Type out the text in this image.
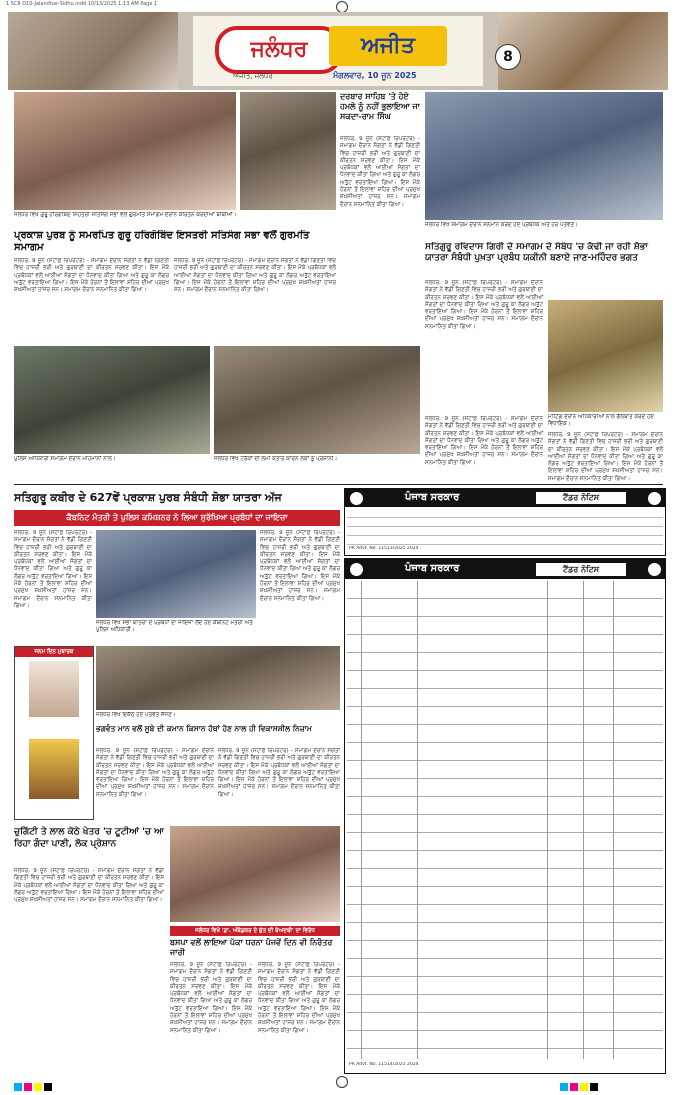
1 SC8 D10-Jalandhar-Sidhu.indd 10/13/2025 1:13 AM Page 1
ਜਲੰਧਰ	ਅਜੀਤ
ਅਜੀਤ, ਜਲੰਧਰ	ਮੰਗਲਵਾਰ, 10 ਜੂਨ 2025
8
ਜਲੰਧਰ ਵਿਖੇ ਗੁਰੂ ਹਰਿਗੋਬਿੰਦ ਸਿਹਤਰੀ ਸਤਿਸੰਗ ਸਭਾ ਵਲੋਂ ਗੁਰਮਤਿ ਸਮਾਗਮ ਦੌਰਾਨ ਕੀਰਤਨ ਕਰਦੀਆਂ ਬੀਬੀਆਂ।
ਪ੍ਰਕਾਸ਼ ਪੁਰਬ ਨੂੰ ਸਮਰਪਿਤ ਗੁਰੂ ਹਰਿਗੋਬਿੰਦ ਇਸਤਰੀ ਸਤਿਸੰਗ ਸਭਾ ਵਲੋਂ ਗੁਰਮਤਿ ਸਮਾਗਮ
ਜਲੰਧਰ, 9 ਜੂਨ (ਸਟਾਫ਼ ਰਿਪੋਰਟਰ) - ਸਮਾਗਮ ਦੌਰਾਨ ਸੰਗਤਾਂ ਨੇ ਵੱਡੀ ਗਿਣਤੀ ਵਿਚ ਹਾਜ਼ਰੀ ਭਰੀ ਅਤੇ ਗੁਰਬਾਣੀ ਦਾ ਕੀਰਤਨ ਸਰਵਣ ਕੀਤਾ। ਇਸ ਮੌਕੇ ਪ੍ਰਬੰਧਕਾਂ ਵਲੋਂ ਆਈਆਂ ਸੰਗਤਾਂ ਦਾ ਧੰਨਵਾਦ ਕੀਤਾ ਗਿਆ ਅਤੇ ਗੁਰੂ ਕਾ ਲੰਗਰ ਅਤੁੱਟ ਵਰਤਾਇਆ ਗਿਆ। ਇਸ ਮੌਕੇ ਹੋਰਨਾਂ ਤੋਂ ਇਲਾਵਾ ਸ਼ਹਿਰ ਦੀਆਂ ਪ੍ਰਮੁੱਖ ਸ਼ਖ਼ਸੀਅਤਾਂ ਹਾਜ਼ਰ ਸਨ। ਸਮਾਗਮ ਦੌਰਾਨ ਸਨਮਾਨਿਤ ਕੀਤਾ ਗਿਆ।
ਜਲੰਧਰ, 9 ਜੂਨ (ਸਟਾਫ਼ ਰਿਪੋਰਟਰ) - ਸਮਾਗਮ ਦੌਰਾਨ ਸੰਗਤਾਂ ਨੇ ਵੱਡੀ ਗਿਣਤੀ ਵਿਚ ਹਾਜ਼ਰੀ ਭਰੀ ਅਤੇ ਗੁਰਬਾਣੀ ਦਾ ਕੀਰਤਨ ਸਰਵਣ ਕੀਤਾ। ਇਸ ਮੌਕੇ ਪ੍ਰਬੰਧਕਾਂ ਵਲੋਂ ਆਈਆਂ ਸੰਗਤਾਂ ਦਾ ਧੰਨਵਾਦ ਕੀਤਾ ਗਿਆ ਅਤੇ ਗੁਰੂ ਕਾ ਲੰਗਰ ਅਤੁੱਟ ਵਰਤਾਇਆ ਗਿਆ। ਇਸ ਮੌਕੇ ਹੋਰਨਾਂ ਤੋਂ ਇਲਾਵਾ ਸ਼ਹਿਰ ਦੀਆਂ ਪ੍ਰਮੁੱਖ ਸ਼ਖ਼ਸੀਅਤਾਂ ਹਾਜ਼ਰ ਸਨ। ਸਮਾਗਮ ਦੌਰਾਨ ਸਨਮਾਨਿਤ ਕੀਤਾ ਗਿਆ।
ਦਰਬਾਰ ਸਾਹਿਬ 'ਤੇ ਹੋਏ ਹਮਲੇ ਨੂੰ ਨਹੀਂ ਭੁਲਾਇਆ ਜਾ ਸਕਦਾ-ਰਾਮ ਸਿੰਘ
ਜਲੰਧਰ, 9 ਜੂਨ (ਸਟਾਫ਼ ਰਿਪੋਰਟਰ) - ਸਮਾਗਮ ਦੌਰਾਨ ਸੰਗਤਾਂ ਨੇ ਵੱਡੀ ਗਿਣਤੀ ਵਿਚ ਹਾਜ਼ਰੀ ਭਰੀ ਅਤੇ ਗੁਰਬਾਣੀ ਦਾ ਕੀਰਤਨ ਸਰਵਣ ਕੀਤਾ। ਇਸ ਮੌਕੇ ਪ੍ਰਬੰਧਕਾਂ ਵਲੋਂ ਆਈਆਂ ਸੰਗਤਾਂ ਦਾ ਧੰਨਵਾਦ ਕੀਤਾ ਗਿਆ ਅਤੇ ਗੁਰੂ ਕਾ ਲੰਗਰ ਅਤੁੱਟ ਵਰਤਾਇਆ ਗਿਆ। ਇਸ ਮੌਕੇ ਹੋਰਨਾਂ ਤੋਂ ਇਲਾਵਾ ਸ਼ਹਿਰ ਦੀਆਂ ਪ੍ਰਮੁੱਖ ਸ਼ਖ਼ਸੀਅਤਾਂ ਹਾਜ਼ਰ ਸਨ। ਸਮਾਗਮ ਦੌਰਾਨ ਸਨਮਾਨਿਤ ਕੀਤਾ ਗਿਆ।
ਜਲੰਧਰ ਵਿਖੇ ਸਮਾਗਮ ਦੌਰਾਨ ਸਨਮਾਨ ਕਰਦੇ ਹੋਏ ਪ੍ਰਬੰਧਕ ਅਤੇ ਹੋਰ ਪਤਵੰਤੇ।
ਸਤਿਗੁਰੂ ਰਵਿਦਾਸ ਗਿਰੀ ਦੇ ਸਮਾਗਮ ਦੇ ਸੰਬੰਧ 'ਚ ਕੱਢੀ ਜਾ ਰਹੀ ਸ਼ੋਭਾ ਯਾਤਰਾ ਸੰਬੰਧੀ ਪੁਖ਼ਤਾ ਪ੍ਰਬੰਧ ਯਕੀਨੀ ਬਣਾਏ ਜਾਣ-ਮਹਿੰਦਰ ਭਗਤ
ਜਲੰਧਰ, 9 ਜੂਨ (ਸਟਾਫ਼ ਰਿਪੋਰਟਰ) - ਸਮਾਗਮ ਦੌਰਾਨ ਸੰਗਤਾਂ ਨੇ ਵੱਡੀ ਗਿਣਤੀ ਵਿਚ ਹਾਜ਼ਰੀ ਭਰੀ ਅਤੇ ਗੁਰਬਾਣੀ ਦਾ ਕੀਰਤਨ ਸਰਵਣ ਕੀਤਾ। ਇਸ ਮੌਕੇ ਪ੍ਰਬੰਧਕਾਂ ਵਲੋਂ ਆਈਆਂ ਸੰਗਤਾਂ ਦਾ ਧੰਨਵਾਦ ਕੀਤਾ ਗਿਆ ਅਤੇ ਗੁਰੂ ਕਾ ਲੰਗਰ ਅਤੁੱਟ ਵਰਤਾਇਆ ਗਿਆ। ਇਸ ਮੌਕੇ ਹੋਰਨਾਂ ਤੋਂ ਇਲਾਵਾ ਸ਼ਹਿਰ ਦੀਆਂ ਪ੍ਰਮੁੱਖ ਸ਼ਖ਼ਸੀਅਤਾਂ ਹਾਜ਼ਰ ਸਨ। ਸਮਾਗਮ ਦੌਰਾਨ ਸਨਮਾਨਿਤ ਕੀਤਾ ਗਿਆ।
ਮੀਟਿੰਗ ਦੌਰਾਨ ਅਧਿਕਾਰੀਆਂ ਨਾਲ ਗੱਲਬਾਤ ਕਰਦੇ ਹੋਏ ਵਿਧਾਇਕ।
ਜਲੰਧਰ, 9 ਜੂਨ (ਸਟਾਫ਼ ਰਿਪੋਰਟਰ) - ਸਮਾਗਮ ਦੌਰਾਨ ਸੰਗਤਾਂ ਨੇ ਵੱਡੀ ਗਿਣਤੀ ਵਿਚ ਹਾਜ਼ਰੀ ਭਰੀ ਅਤੇ ਗੁਰਬਾਣੀ ਦਾ ਕੀਰਤਨ ਸਰਵਣ ਕੀਤਾ। ਇਸ ਮੌਕੇ ਪ੍ਰਬੰਧਕਾਂ ਵਲੋਂ ਆਈਆਂ ਸੰਗਤਾਂ ਦਾ ਧੰਨਵਾਦ ਕੀਤਾ ਗਿਆ ਅਤੇ ਗੁਰੂ ਕਾ ਲੰਗਰ ਅਤੁੱਟ ਵਰਤਾਇਆ ਗਿਆ। ਇਸ ਮੌਕੇ ਹੋਰਨਾਂ ਤੋਂ ਇਲਾਵਾ ਸ਼ਹਿਰ ਦੀਆਂ ਪ੍ਰਮੁੱਖ ਸ਼ਖ਼ਸੀਅਤਾਂ ਹਾਜ਼ਰ ਸਨ। ਸਮਾਗਮ ਦੌਰਾਨ ਸਨਮਾਨਿਤ ਕੀਤਾ ਗਿਆ।
ਜਲੰਧਰ, 9 ਜੂਨ (ਸਟਾਫ਼ ਰਿਪੋਰਟਰ) - ਸਮਾਗਮ ਦੌਰਾਨ ਸੰਗਤਾਂ ਨੇ ਵੱਡੀ ਗਿਣਤੀ ਵਿਚ ਹਾਜ਼ਰੀ ਭਰੀ ਅਤੇ ਗੁਰਬਾਣੀ ਦਾ ਕੀਰਤਨ ਸਰਵਣ ਕੀਤਾ। ਇਸ ਮੌਕੇ ਪ੍ਰਬੰਧਕਾਂ ਵਲੋਂ ਆਈਆਂ ਸੰਗਤਾਂ ਦਾ ਧੰਨਵਾਦ ਕੀਤਾ ਗਿਆ ਅਤੇ ਗੁਰੂ ਕਾ ਲੰਗਰ ਅਤੁੱਟ ਵਰਤਾਇਆ ਗਿਆ। ਇਸ ਮੌਕੇ ਹੋਰਨਾਂ ਤੋਂ ਇਲਾਵਾ ਸ਼ਹਿਰ ਦੀਆਂ ਪ੍ਰਮੁੱਖ ਸ਼ਖ਼ਸੀਅਤਾਂ ਹਾਜ਼ਰ ਸਨ। ਸਮਾਗਮ ਦੌਰਾਨ ਸਨਮਾਨਿਤ ਕੀਤਾ ਗਿਆ।
ਪੁਲਿਸ ਅਧਿਕਾਰੀ ਸਮਾਗਮ ਦੌਰਾਨ ਮਹਿਮਾਨਾਂ ਨਾਲ।	ਜਲੰਧਰ ਵਿਖੇ ਟਰੱਕਾਂ ਦੀ ਲੰਮੀ ਕਤਾਰ ਕਾਰਨ ਲੋਕਾਂ ਨੂੰ ਪ੍ਰੇਸ਼ਾਨੀ।
ਸਤਿਗੁਰੂ ਕਬੀਰ ਦੇ 627ਵੇਂ ਪ੍ਰਕਾਸ਼ ਪੁਰਬ ਸੰਬੰਧੀ ਸ਼ੋਭਾ ਯਾਤਰਾ ਅੱਜ
ਕੈਬਨਿਟ ਮੰਤਰੀ ਤੇ ਪੁਲਿਸ ਕਮਿਸ਼ਨਰ ਨੇ ਲਿਆ ਸੁਰੱਖਿਆ ਪ੍ਰਬੰਧਾਂ ਦਾ ਜਾਇਜ਼ਾ
ਜਲੰਧਰ, 9 ਜੂਨ (ਸਟਾਫ਼ ਰਿਪੋਰਟਰ) - ਸਮਾਗਮ ਦੌਰਾਨ ਸੰਗਤਾਂ ਨੇ ਵੱਡੀ ਗਿਣਤੀ ਵਿਚ ਹਾਜ਼ਰੀ ਭਰੀ ਅਤੇ ਗੁਰਬਾਣੀ ਦਾ ਕੀਰਤਨ ਸਰਵਣ ਕੀਤਾ। ਇਸ ਮੌਕੇ ਪ੍ਰਬੰਧਕਾਂ ਵਲੋਂ ਆਈਆਂ ਸੰਗਤਾਂ ਦਾ ਧੰਨਵਾਦ ਕੀਤਾ ਗਿਆ ਅਤੇ ਗੁਰੂ ਕਾ ਲੰਗਰ ਅਤੁੱਟ ਵਰਤਾਇਆ ਗਿਆ। ਇਸ ਮੌਕੇ ਹੋਰਨਾਂ ਤੋਂ ਇਲਾਵਾ ਸ਼ਹਿਰ ਦੀਆਂ ਪ੍ਰਮੁੱਖ ਸ਼ਖ਼ਸੀਅਤਾਂ ਹਾਜ਼ਰ ਸਨ। ਸਮਾਗਮ ਦੌਰਾਨ ਸਨਮਾਨਿਤ ਕੀਤਾ ਗਿਆ।
ਜਲੰਧਰ ਵਿਖੇ ਸ਼ੋਭਾ ਯਾਤਰਾ ਦੇ ਪ੍ਰਬੰਧਾਂ ਦਾ ਜਾਇਜ਼ਾ ਲੈਂਦੇ ਹੋਏ ਕੈਬਨਿਟ ਮੰਤਰੀ ਅਤੇ ਪੁਲਿਸ ਅਧਿਕਾਰੀ।
ਜਲੰਧਰ, 9 ਜੂਨ (ਸਟਾਫ਼ ਰਿਪੋਰਟਰ) - ਸਮਾਗਮ ਦੌਰਾਨ ਸੰਗਤਾਂ ਨੇ ਵੱਡੀ ਗਿਣਤੀ ਵਿਚ ਹਾਜ਼ਰੀ ਭਰੀ ਅਤੇ ਗੁਰਬਾਣੀ ਦਾ ਕੀਰਤਨ ਸਰਵਣ ਕੀਤਾ। ਇਸ ਮੌਕੇ ਪ੍ਰਬੰਧਕਾਂ ਵਲੋਂ ਆਈਆਂ ਸੰਗਤਾਂ ਦਾ ਧੰਨਵਾਦ ਕੀਤਾ ਗਿਆ ਅਤੇ ਗੁਰੂ ਕਾ ਲੰਗਰ ਅਤੁੱਟ ਵਰਤਾਇਆ ਗਿਆ। ਇਸ ਮੌਕੇ ਹੋਰਨਾਂ ਤੋਂ ਇਲਾਵਾ ਸ਼ਹਿਰ ਦੀਆਂ ਪ੍ਰਮੁੱਖ ਸ਼ਖ਼ਸੀਅਤਾਂ ਹਾਜ਼ਰ ਸਨ। ਸਮਾਗਮ ਦੌਰਾਨ ਸਨਮਾਨਿਤ ਕੀਤਾ ਗਿਆ।
ਜਨਮ ਦਿਨ ਮੁਬਾਰਕ
ਜਲੰਧਰ ਵਿਖੇ ਇਕੱਠੇ ਹੋਏ ਪਤਵੰਤੇ ਸੱਜਣ।
ਭਗਵੰਤ ਮਾਨ ਵਲੋਂ ਸੂਬੇ ਦੀ ਕਮਾਨ ਕਿਸਾਨ ਹੱਥਾਂ ਹੋਣ ਨਾਲ ਹੀ ਵਿਕਾਸਸ਼ੀਲ ਨਿਜ਼ਾਮ
ਜਲੰਧਰ, 9 ਜੂਨ (ਸਟਾਫ਼ ਰਿਪੋਰਟਰ) - ਸਮਾਗਮ ਦੌਰਾਨ ਸੰਗਤਾਂ ਨੇ ਵੱਡੀ ਗਿਣਤੀ ਵਿਚ ਹਾਜ਼ਰੀ ਭਰੀ ਅਤੇ ਗੁਰਬਾਣੀ ਦਾ ਕੀਰਤਨ ਸਰਵਣ ਕੀਤਾ। ਇਸ ਮੌਕੇ ਪ੍ਰਬੰਧਕਾਂ ਵਲੋਂ ਆਈਆਂ ਸੰਗਤਾਂ ਦਾ ਧੰਨਵਾਦ ਕੀਤਾ ਗਿਆ ਅਤੇ ਗੁਰੂ ਕਾ ਲੰਗਰ ਅਤੁੱਟ ਵਰਤਾਇਆ ਗਿਆ। ਇਸ ਮੌਕੇ ਹੋਰਨਾਂ ਤੋਂ ਇਲਾਵਾ ਸ਼ਹਿਰ ਦੀਆਂ ਪ੍ਰਮੁੱਖ ਸ਼ਖ਼ਸੀਅਤਾਂ ਹਾਜ਼ਰ ਸਨ। ਸਮਾਗਮ ਦੌਰਾਨ ਸਨਮਾਨਿਤ ਕੀਤਾ ਗਿਆ।
ਜਲੰਧਰ, 9 ਜੂਨ (ਸਟਾਫ਼ ਰਿਪੋਰਟਰ) - ਸਮਾਗਮ ਦੌਰਾਨ ਸੰਗਤਾਂ ਨੇ ਵੱਡੀ ਗਿਣਤੀ ਵਿਚ ਹਾਜ਼ਰੀ ਭਰੀ ਅਤੇ ਗੁਰਬਾਣੀ ਦਾ ਕੀਰਤਨ ਸਰਵਣ ਕੀਤਾ। ਇਸ ਮੌਕੇ ਪ੍ਰਬੰਧਕਾਂ ਵਲੋਂ ਆਈਆਂ ਸੰਗਤਾਂ ਦਾ ਧੰਨਵਾਦ ਕੀਤਾ ਗਿਆ ਅਤੇ ਗੁਰੂ ਕਾ ਲੰਗਰ ਅਤੁੱਟ ਵਰਤਾਇਆ ਗਿਆ। ਇਸ ਮੌਕੇ ਹੋਰਨਾਂ ਤੋਂ ਇਲਾਵਾ ਸ਼ਹਿਰ ਦੀਆਂ ਪ੍ਰਮੁੱਖ ਸ਼ਖ਼ਸੀਅਤਾਂ ਹਾਜ਼ਰ ਸਨ। ਸਮਾਗਮ ਦੌਰਾਨ ਸਨਮਾਨਿਤ ਕੀਤਾ ਗਿਆ।
ਚੁਗਿੱਟੀ ਤੇ ਲਾਲ ਕੋਠੇ ਖੇਤਰ 'ਚ ਟੂਟੀਆਂ 'ਚ ਆ ਰਿਹਾ ਗੰਦਾ ਪਾਣੀ, ਲੋਕ ਪ੍ਰੇਸ਼ਾਨ
ਜਲੰਧਰ, 9 ਜੂਨ (ਸਟਾਫ਼ ਰਿਪੋਰਟਰ) - ਸਮਾਗਮ ਦੌਰਾਨ ਸੰਗਤਾਂ ਨੇ ਵੱਡੀ ਗਿਣਤੀ ਵਿਚ ਹਾਜ਼ਰੀ ਭਰੀ ਅਤੇ ਗੁਰਬਾਣੀ ਦਾ ਕੀਰਤਨ ਸਰਵਣ ਕੀਤਾ। ਇਸ ਮੌਕੇ ਪ੍ਰਬੰਧਕਾਂ ਵਲੋਂ ਆਈਆਂ ਸੰਗਤਾਂ ਦਾ ਧੰਨਵਾਦ ਕੀਤਾ ਗਿਆ ਅਤੇ ਗੁਰੂ ਕਾ ਲੰਗਰ ਅਤੁੱਟ ਵਰਤਾਇਆ ਗਿਆ। ਇਸ ਮੌਕੇ ਹੋਰਨਾਂ ਤੋਂ ਇਲਾਵਾ ਸ਼ਹਿਰ ਦੀਆਂ ਪ੍ਰਮੁੱਖ ਸ਼ਖ਼ਸੀਅਤਾਂ ਹਾਜ਼ਰ ਸਨ। ਸਮਾਗਮ ਦੌਰਾਨ ਸਨਮਾਨਿਤ ਕੀਤਾ ਗਿਆ।
ਜਲੰਧਰ ਵਿਖੇ 'ਡਾ. ਅੰਬੇਡਕਰ ਦੇ ਬੁੱਤ ਦੀ ਬੇਅਦਬੀ' ਦਾ ਵਿਰੋਧ
ਬਸਪਾ ਵਲੋਂ ਲਾਇਆ ਪੱਕਾ ਧਰਨਾ ਪੰਜਵੇਂ ਦਿਨ ਵੀ ਨਿਰੰਤਰ ਜਾਰੀ
ਜਲੰਧਰ, 9 ਜੂਨ (ਸਟਾਫ਼ ਰਿਪੋਰਟਰ) - ਸਮਾਗਮ ਦੌਰਾਨ ਸੰਗਤਾਂ ਨੇ ਵੱਡੀ ਗਿਣਤੀ ਵਿਚ ਹਾਜ਼ਰੀ ਭਰੀ ਅਤੇ ਗੁਰਬਾਣੀ ਦਾ ਕੀਰਤਨ ਸਰਵਣ ਕੀਤਾ। ਇਸ ਮੌਕੇ ਪ੍ਰਬੰਧਕਾਂ ਵਲੋਂ ਆਈਆਂ ਸੰਗਤਾਂ ਦਾ ਧੰਨਵਾਦ ਕੀਤਾ ਗਿਆ ਅਤੇ ਗੁਰੂ ਕਾ ਲੰਗਰ ਅਤੁੱਟ ਵਰਤਾਇਆ ਗਿਆ। ਇਸ ਮੌਕੇ ਹੋਰਨਾਂ ਤੋਂ ਇਲਾਵਾ ਸ਼ਹਿਰ ਦੀਆਂ ਪ੍ਰਮੁੱਖ ਸ਼ਖ਼ਸੀਅਤਾਂ ਹਾਜ਼ਰ ਸਨ। ਸਮਾਗਮ ਦੌਰਾਨ ਸਨਮਾਨਿਤ ਕੀਤਾ ਗਿਆ।
ਜਲੰਧਰ, 9 ਜੂਨ (ਸਟਾਫ਼ ਰਿਪੋਰਟਰ) - ਸਮਾਗਮ ਦੌਰਾਨ ਸੰਗਤਾਂ ਨੇ ਵੱਡੀ ਗਿਣਤੀ ਵਿਚ ਹਾਜ਼ਰੀ ਭਰੀ ਅਤੇ ਗੁਰਬਾਣੀ ਦਾ ਕੀਰਤਨ ਸਰਵਣ ਕੀਤਾ। ਇਸ ਮੌਕੇ ਪ੍ਰਬੰਧਕਾਂ ਵਲੋਂ ਆਈਆਂ ਸੰਗਤਾਂ ਦਾ ਧੰਨਵਾਦ ਕੀਤਾ ਗਿਆ ਅਤੇ ਗੁਰੂ ਕਾ ਲੰਗਰ ਅਤੁੱਟ ਵਰਤਾਇਆ ਗਿਆ। ਇਸ ਮੌਕੇ ਹੋਰਨਾਂ ਤੋਂ ਇਲਾਵਾ ਸ਼ਹਿਰ ਦੀਆਂ ਪ੍ਰਮੁੱਖ ਸ਼ਖ਼ਸੀਅਤਾਂ ਹਾਜ਼ਰ ਸਨ। ਸਮਾਗਮ ਦੌਰਾਨ ਸਨਮਾਨਿਤ ਕੀਤਾ ਗਿਆ।
ਪੰਜਾਬ ਸਰਕਾਰ	ਟੈਂਡਰ ਨੋਟਿਸ
PR Advt. No. 11513/2025 2024
ਪੰਜਾਬ ਸਰਕਾਰ	ਟੈਂਡਰ ਨੋਟਿਸ
PR Advt. No. 11514/2025 2024
